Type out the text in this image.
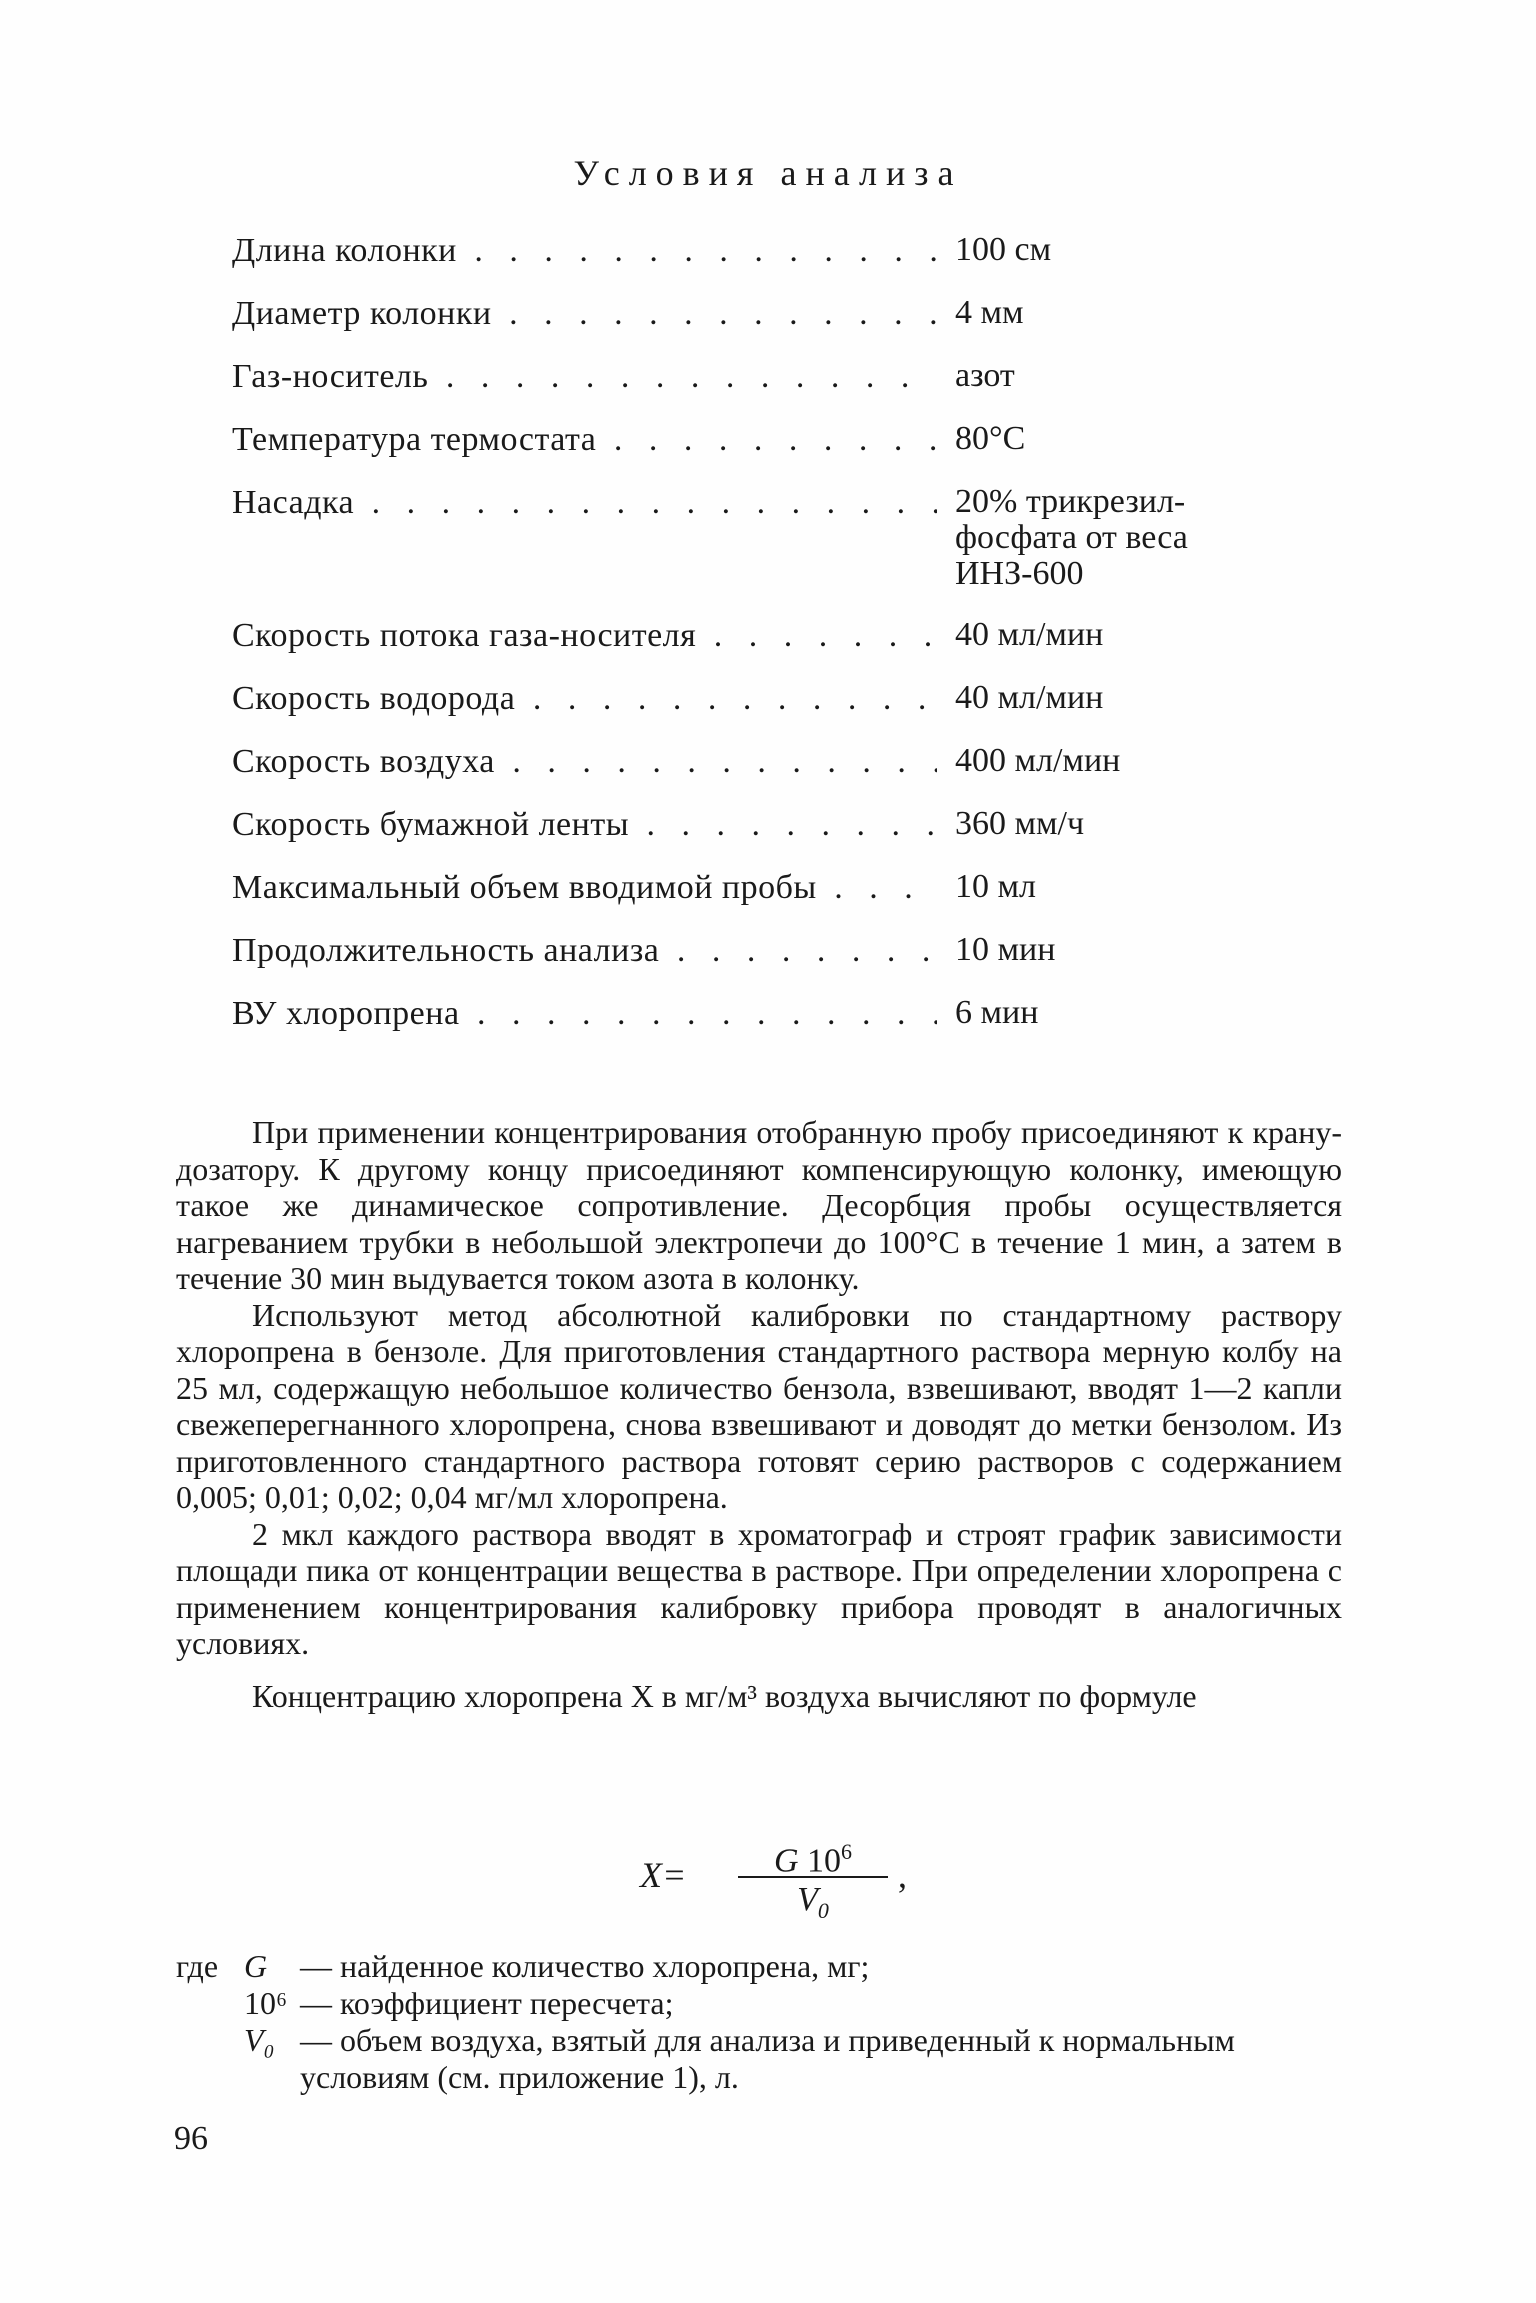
Условия анализа
Длина колонки . . .	100 см
Диаметр колонки . . .	4 мм
Газ-носитель . . .	азот
Температура термостата . . .	80°С
Насадка . . .	20% трикрезил-
фосфата от веса
ИНЗ-600
Скорость потока газа-носителя . . .	40 мл/мин
Скорость водорода . . .	40 мл/мин
Скорость воздуха . . .	400 мл/мин
Скорость бумажной ленты . . .	360 мм/ч
Максимальный объем вводимой пробы . . .	10 мл
Продолжительность анализа . . .	10 мин
ВУ хлоропрена . . .	6 мин

При применении концентрирования отобранную пробу присоединяют к крану-дозатору. К другому концу присоединяют компенсирующую колонку, имеющую такое же динамическое сопротивление. Десорбция пробы осуществляется нагреванием трубки в небольшой электропечи до 100°С в течение 1 мин, а затем в течение 30 мин выдувается током азота в колонку.

Используют метод абсолютной калибровки по стандартному раствору хлоропрена в бензоле. Для приготовления стандартного раствора мерную колбу на 25 мл, содержащую небольшое количество бензола, взвешивают, вводят 1—2 капли свежеперегнанного хлоропрена, снова взвешивают и доводят до метки бензолом. Из приготовленного стандартного раствора готовят серию растворов с содержанием 0,005; 0,01; 0,02; 0,04 мг/мл хлоропрена.

2 мкл каждого раствора вводят в хроматограф и строят график зависимости площади пика от концентрации вещества в растворе. При определении хлоропрена с применением концентрирования калибровку прибора проводят в аналогичных условиях.

Концентрацию хлоропрена X в мг/м³ воздуха вычисляют по формуле

X=	G $10^6$
$V_0$
,
где G	— найденное количество хлоропрена, мг;
10⁶ — коэффициент пересчета;
V₀ — объем воздуха, взятый для анализа и приведенный к нормальным условиям (см. приложение 1), л.
96
